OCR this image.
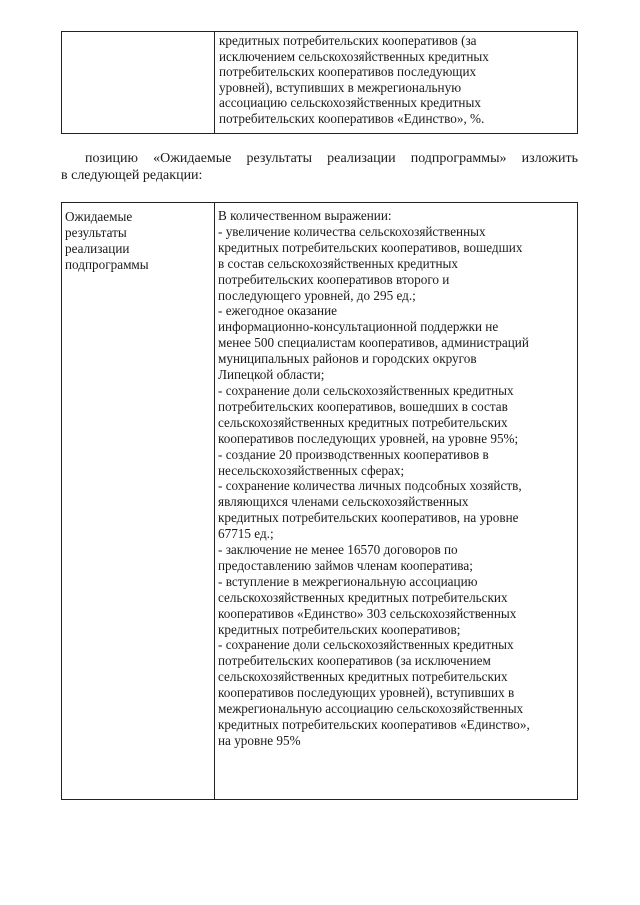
кредитных потребительских кооперативов (за

исключением сельскохозяйственных кредитных

потребительских кооперативов последующих

уровней), вступивших в межрегиональную

ассоциацию сельскохозяйственных кредитных

потребительских кооперативов «Единство», %.

позицию «Ожидаемые результаты реализации подпрограммы» изложить
в следующей редакции:

Ожидаемые

результаты

реализации

подпрограммы

В количественном выражении:

- увеличение количества сельскохозяйственных

кредитных потребительских кооперативов, вошедших

в состав сельскохозяйственных кредитных

потребительских кооперативов второго и

последующего уровней, до 295 ед.;

- ежегодное оказание

информационно-консультационной поддержки не

менее 500 специалистам кооперативов, администраций

муниципальных районов и городских округов

Липецкой области;

- сохранение доли сельскохозяйственных кредитных

потребительских кооперативов, вошедших в состав

сельскохозяйственных кредитных потребительских

кооперативов последующих уровней, на уровне 95%;

- создание 20 производственных кооперативов в

несельскохозяйственных сферах;

- сохранение количества личных подсобных хозяйств,

являющихся членами сельскохозяйственных

кредитных потребительских кооперативов, на уровне

67715 ед.;

- заключение не менее 16570 договоров по

предоставлению займов членам кооператива;

- вступление в межрегиональную ассоциацию

сельскохозяйственных кредитных потребительских

кооперативов «Единство» 303 сельскохозяйственных

кредитных потребительских кооперативов;

- сохранение доли сельскохозяйственных кредитных

потребительских кооперативов (за исключением

сельскохозяйственных кредитных потребительских

кооперативов последующих уровней), вступивших в

межрегиональную ассоциацию сельскохозяйственных

кредитных потребительских кооперативов «Единство»,

на уровне 95%
